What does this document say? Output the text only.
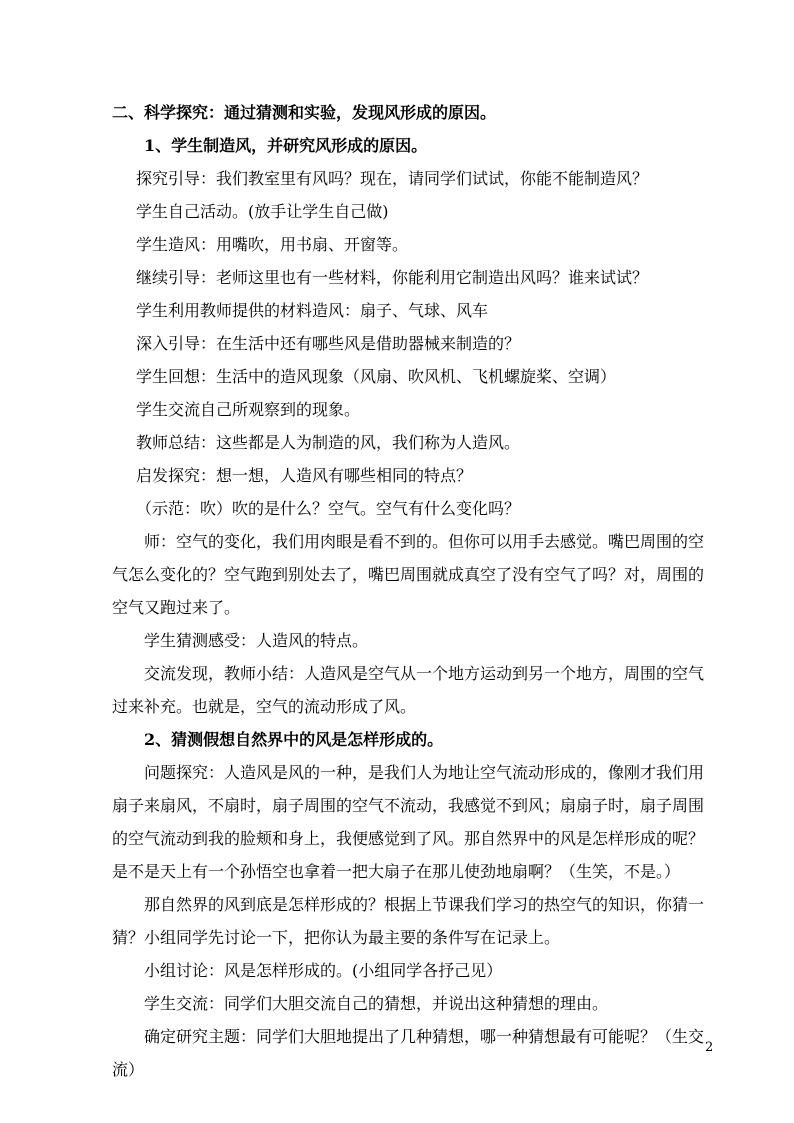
二、科学探究：通过猜测和实验，发现风形成的原因。

1、学生制造风，并研究风形成的原因。

探究引导：我们教室里有风吗？现在，请同学们试试，你能不能制造风？

学生自己活动。(放手让学生自己做)

学生造风：用嘴吹，用书扇、开窗等。

继续引导：老师这里也有一些材料，你能利用它制造出风吗？谁来试试？

学生利用教师提供的材料造风：扇子、气球、风车

深入引导：在生活中还有哪些风是借助器械来制造的？

学生回想：生活中的造风现象（风扇、吹风机、飞机螺旋桨、空调）

学生交流自己所观察到的现象。

教师总结：这些都是人为制造的风，我们称为人造风。

启发探究：想一想，人造风有哪些相同的特点？

（示范：吹）吹的是什么？空气。空气有什么变化吗？

师：空气的变化，我们用肉眼是看不到的。但你可以用手去感觉。嘴巴周围的空
气怎么变化的？空气跑到别处去了，嘴巴周围就成真空了没有空气了吗？对，周围的
空气又跑过来了。

学生猜测感受：人造风的特点。

交流发现，教师小结：人造风是空气从一个地方运动到另一个地方，周围的空气
过来补充。也就是，空气的流动形成了风。

2、猜测假想自然界中的风是怎样形成的。

问题探究：人造风是风的一种，是我们人为地让空气流动形成的，像刚才我们用
扇子来扇风，不扇时，扇子周围的空气不流动，我感觉不到风；扇扇子时，扇子周围
的空气流动到我的脸颊和身上，我便感觉到了风。那自然界中的风是怎样形成的呢？
是不是天上有一个孙悟空也拿着一把大扇子在那儿使劲地扇啊？（生笑，不是。）
那自然界的风到底是怎样形成的？根据上节课我们学习的热空气的知识，你猜一
猜？小组同学先讨论一下，把你认为最主要的条件写在记录上。

小组讨论：风是怎样形成的。(小组同学各抒己见）

学生交流：同学们大胆交流自己的猜想，并说出这种猜想的理由。

确定研究主题：同学们大胆地提出了几种猜想，哪一种猜想最有可能呢？（生交
流）
2
